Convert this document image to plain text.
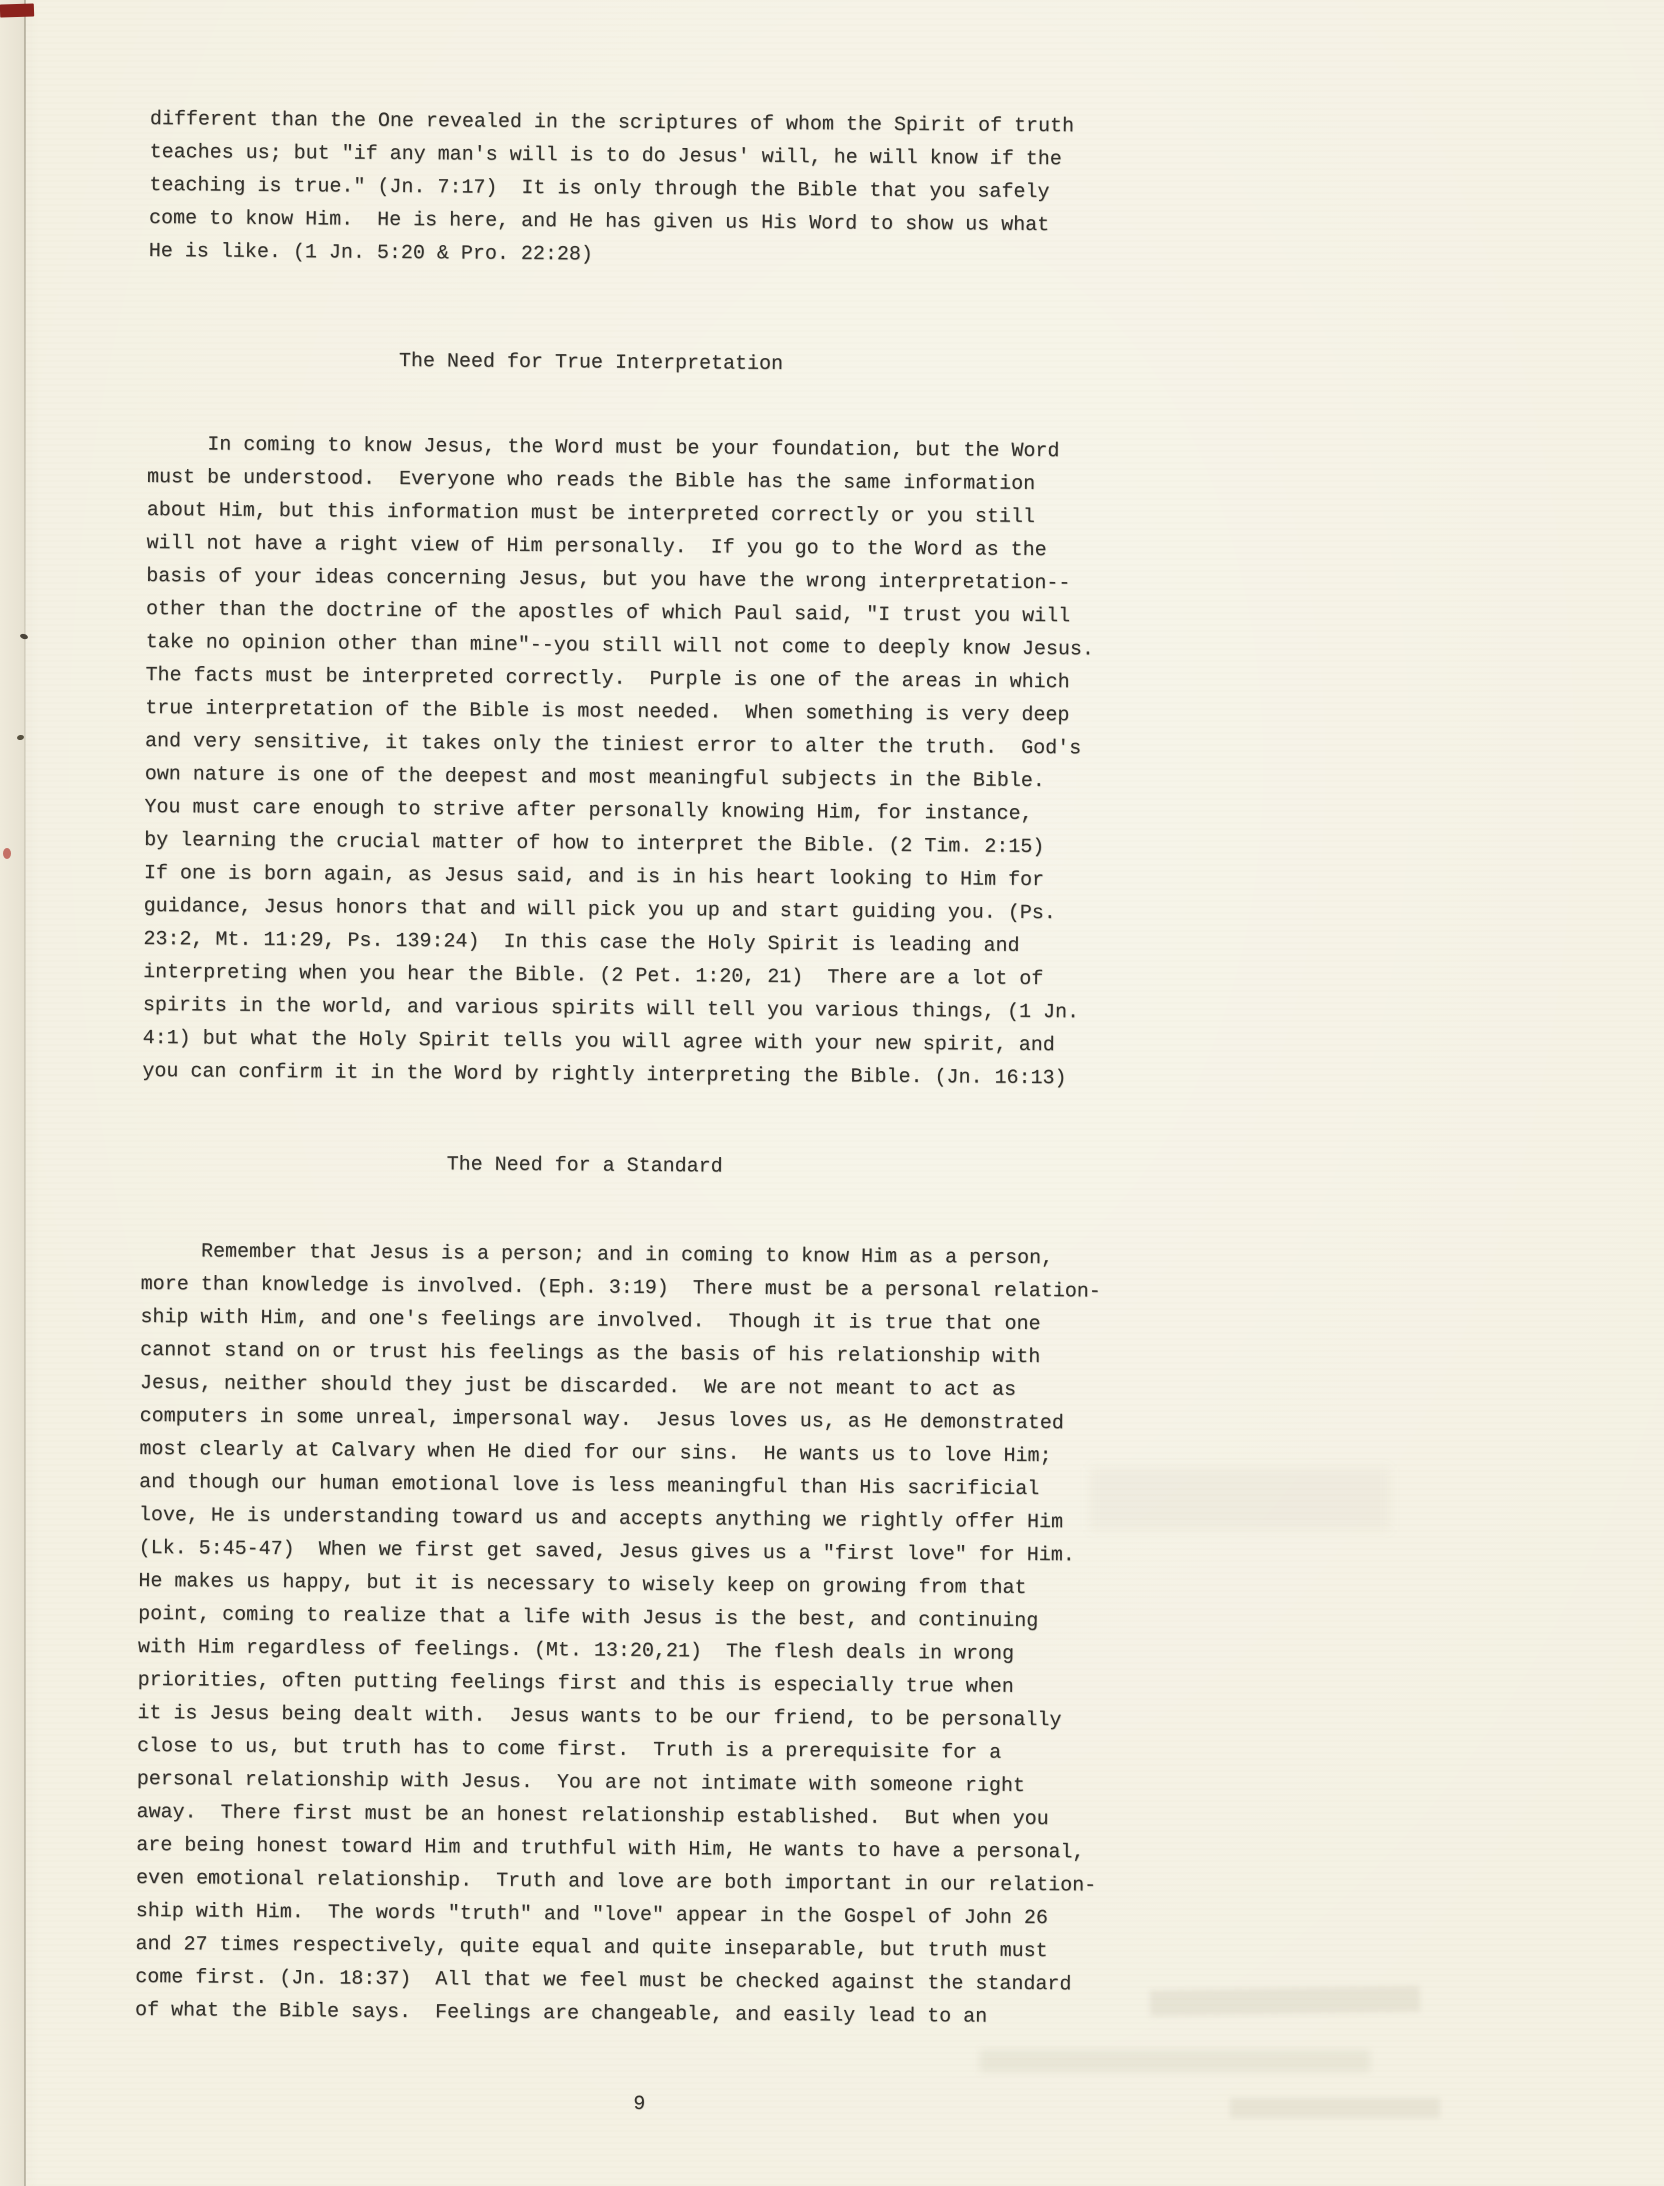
different than the One revealed in the scriptures of whom the Spirit of truth
teaches us; but "if any man's will is to do Jesus' will, he will know if the
teaching is true." (Jn. 7:17)  It is only through the Bible that you safely
come to know Him.  He is here, and He has given us His Word to show us what
He is like. (1 Jn. 5:20 & Pro. 22:28)
The Need for True Interpretation
In coming to know Jesus, the Word must be your foundation, but the Word
must be understood.  Everyone who reads the Bible has the same information
about Him, but this information must be interpreted correctly or you still
will not have a right view of Him personally.  If you go to the Word as the
basis of your ideas concerning Jesus, but you have the wrong interpretation--
other than the doctrine of the apostles of which Paul said, "I trust you will
take no opinion other than mine"--you still will not come to deeply know Jesus.
The facts must be interpreted correctly.  Purple is one of the areas in which
true interpretation of the Bible is most needed.  When something is very deep
and very sensitive, it takes only the tiniest error to alter the truth.  God's
own nature is one of the deepest and most meaningful subjects in the Bible.
You must care enough to strive after personally knowing Him, for instance,
by learning the crucial matter of how to interpret the Bible. (2 Tim. 2:15)
If one is born again, as Jesus said, and is in his heart looking to Him for
guidance, Jesus honors that and will pick you up and start guiding you. (Ps.
23:2, Mt. 11:29, Ps. 139:24)  In this case the Holy Spirit is leading and
interpreting when you hear the Bible. (2 Pet. 1:20, 21)  There are a lot of
spirits in the world, and various spirits will tell you various things, (1 Jn.
4:1) but what the Holy Spirit tells you will agree with your new spirit, and
you can confirm it in the Word by rightly interpreting the Bible. (Jn. 16:13)
The Need for a Standard
Remember that Jesus is a person; and in coming to know Him as a person,
more than knowledge is involved. (Eph. 3:19)  There must be a personal relation-
ship with Him, and one's feelings are involved.  Though it is true that one
cannot stand on or trust his feelings as the basis of his relationship with
Jesus, neither should they just be discarded.  We are not meant to act as
computers in some unreal, impersonal way.  Jesus loves us, as He demonstrated
most clearly at Calvary when He died for our sins.  He wants us to love Him;
and though our human emotional love is less meaningful than His sacrificial
love, He is understanding toward us and accepts anything we rightly offer Him
(Lk. 5:45-47)  When we first get saved, Jesus gives us a "first love" for Him.
He makes us happy, but it is necessary to wisely keep on growing from that
point, coming to realize that a life with Jesus is the best, and continuing
with Him regardless of feelings. (Mt. 13:20,21)  The flesh deals in wrong
priorities, often putting feelings first and this is especially true when
it is Jesus being dealt with.  Jesus wants to be our friend, to be personally
close to us, but truth has to come first.  Truth is a prerequisite for a
personal relationship with Jesus.  You are not intimate with someone right
away.  There first must be an honest relationship established.  But when you
are being honest toward Him and truthful with Him, He wants to have a personal,
even emotional relationship.  Truth and love are both important in our relation-
ship with Him.  The words "truth" and "love" appear in the Gospel of John 26
and 27 times respectively, quite equal and quite inseparable, but truth must
come first. (Jn. 18:37)  All that we feel must be checked against the standard
of what the Bible says.  Feelings are changeable, and easily lead to an
9
